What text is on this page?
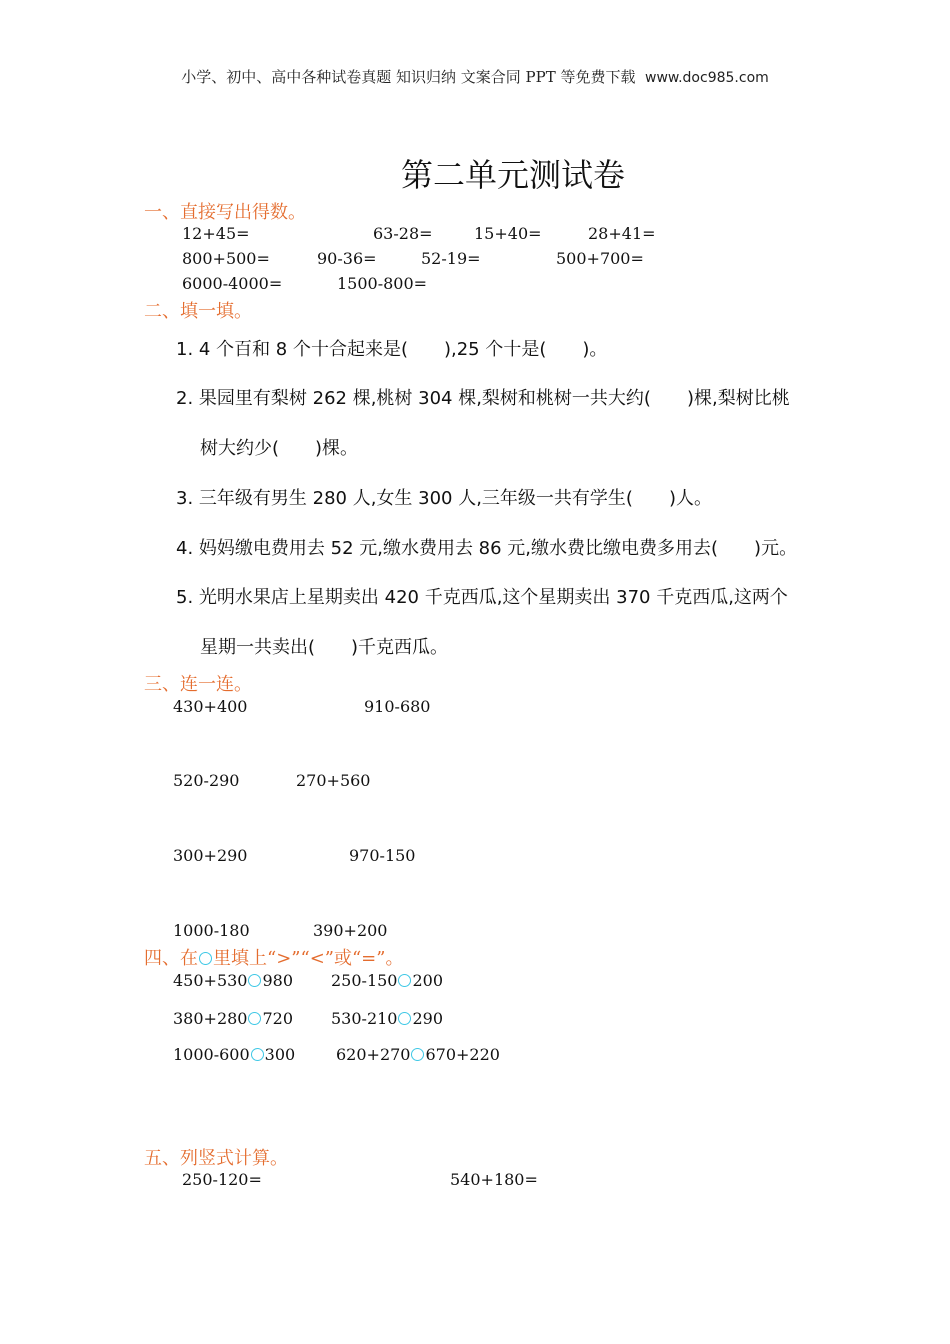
小学、初中、高中各种试卷真题 知识归纳 文案合同 PPT 等免费下载 www.doc985.com
第二单元测试卷
一、直接写出得数。
12+45=	63-28=	15+40=	28+41=
800+500=	90-36=	52-19=	500+700=
6000-4000=	1500-800=
二、填一填。
1. 4 个百和 8 个十合起来是(　　),25 个十是(　　)。
2. 果园里有梨树 262 棵,桃树 304 棵,梨树和桃树一共大约(　　)棵,梨树比桃
树大约少(　　)棵。
3. 三年级有男生 280 人,女生 300 人,三年级一共有学生(　　)人。
4. 妈妈缴电费用去 52 元,缴水费用去 86 元,缴水费比缴电费多用去(　　)元。
5. 光明水果店上星期卖出 420 千克西瓜,这个星期卖出 370 千克西瓜,这两个
星期一共卖出(　　)千克西瓜。
三、连一连。
430+400	910-680
520-290	270+560
300+290	970-150
1000-180	390+200
四、在 里填上“>”“<”或“=”。
450+530 980 250-150 200
380+280 720 530-210 290
1000-600 300	620+270 670+220
五、列竖式计算。
250-120=	540+180=
